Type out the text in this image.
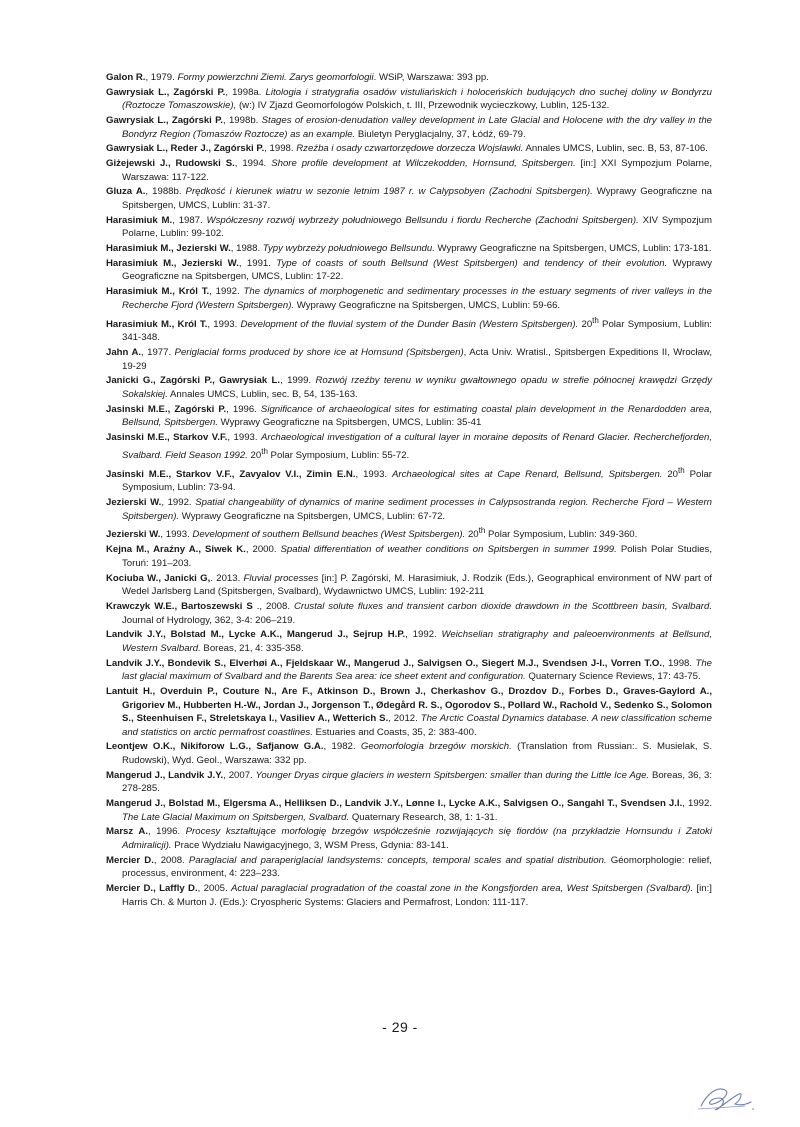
Galon R., 1979. Formy powierzchni Ziemi. Zarys geomorfologii. WSiP, Warszawa: 393 pp.

Gawrysiak L., Zagórski P., 1998a. Litologia i stratygrafia osadów vistuliańskich i holoceńskich budujących dno suchej doliny w Bondyrzu (Roztocze Tomaszowskie), (w:) IV Zjazd Geomorfologów Polskich, t. III, Przewodnik wycieczkowy, Lublin, 125-132.

Gawrysiak L., Zagórski P., 1998b. Stages of erosion-denudation valley development in Late Glacial and Holocene with the dry valley in the Bondyrz Region (Tomaszów Roztocze) as an example. Biuletyn Peryglacjalny, 37, Łódź, 69-79.

Gawrysiak L., Reder J., Zagórski P., 1998. Rzeźba i osady czwartorzędowe dorzecza Wojsławki. Annales UMCS, Lublin, sec. B, 53, 87-106.

Giżejewski J., Rudowski S., 1994. Shore profile development at Wilczekodden, Hornsund, Spitsbergen. [in:] XXI Sympozjum Polarne, Warszawa: 117-122.

Gluza A., 1988b. Prędkość i kierunek wiatru w sezonie letnim 1987 r. w Calypsobyen (Zachodni Spitsbergen). Wyprawy Geograficzne na Spitsbergen, UMCS, Lublin: 31-37.

Harasimiuk M., 1987. Współczesny rozwój wybrzeży południowego Bellsundu i fiordu Recherche (Zachodni Spitsbergen). XIV Sympozjum Polarne, Lublin: 99-102.

Harasimiuk M., Jezierski W., 1988. Typy wybrzeży południowego Bellsundu. Wyprawy Geograficzne na Spitsbergen, UMCS, Lublin: 173-181.

Harasimiuk M., Jezierski W., 1991. Type of coasts of south Bellsund (West Spitsbergen) and tendency of their evolution. Wyprawy Geograficzne na Spitsbergen, UMCS, Lublin: 17-22.

Harasimiuk M., Król T., 1992. The dynamics of morphogenetic and sedimentary processes in the estuary segments of river valleys in the Recherche Fjord (Western Spitsbergen). Wyprawy Geograficzne na Spitsbergen, UMCS, Lublin: 59-66.

Harasimiuk M., Król T., 1993. Development of the fluvial system of the Dunder Basin (Western Spitsbergen). 20th Polar Symposium, Lublin: 341-348.

Jahn A., 1977. Periglacial forms produced by shore ice at Hornsund (Spitsbergen), Acta Univ. Wratisl., Spitsbergen Expeditions II, Wrocław, 19-29

Janicki G., Zagórski P., Gawrysiak L., 1999. Rozwój rzeźby terenu w wyniku gwałtownego opadu w strefie północnej krawędzi Grzędy Sokalskiej. Annales UMCS, Lublin, sec. B, 54, 135-163.

Jasinski M.E., Zagórski P., 1996. Significance of archaeological sites for estimating coastal plain development in the Renardodden area, Bellsund, Spitsbergen. Wyprawy Geograficzne na Spitsbergen, UMCS, Lublin: 35-41

Jasinski M.E., Starkov V.F., 1993. Archaeological investigation of a cultural layer in moraine deposits of Renard Glacier. Recherchefjorden, Svalbard. Field Season 1992. 20th Polar Symposium, Lublin: 55-72.

Jasinski M.E., Starkov V.F., Zavyalov V.I., Zimin E.N., 1993. Archaeological sites at Cape Renard, Bellsund, Spitsbergen. 20th Polar Symposium, Lublin: 73-94.

Jezierski W., 1992. Spatial changeability of dynamics of marine sediment processes in Calypsostranda region. Recherche Fjord – Western Spitsbergen). Wyprawy Geograficzne na Spitsbergen, UMCS, Lublin: 67-72.

Jezierski W., 1993. Development of southern Bellsund beaches (West Spitsbergen). 20th Polar Symposium, Lublin: 349-360.

Kejna M., Araźny A., Siwek K., 2000. Spatial differentiation of weather conditions on Spitsbergen in summer 1999. Polish Polar Studies, Toruń: 191–203.

Kociuba W., Janicki G,. 2013. Fluvial processes [in:] P. Zagórski, M. Harasimiuk, J. Rodzik (Eds.), Geographical environment of NW part of Wedel Jarlsberg Land (Spitsbergen, Svalbard), Wydawnictwo UMCS, Lublin: 192-211

Krawczyk W.E., Bartoszewski S ., 2008. Crustal solute fluxes and transient carbon dioxide drawdown in the Scottbreen basin, Svalbard. Journal of Hydrology, 362, 3-4: 206–219.

Landvik J.Y., Bolstad M., Lycke A.K., Mangerud J., Sejrup H.P., 1992. Weichselian stratigraphy and paleoenvironments at Bellsund, Western Svalbard. Boreas, 21, 4: 335-358.

Landvik J.Y., Bondevik S., Elverhøi A., Fjeldskaar W., Mangerud J., Salvigsen O., Siegert M.J., Svendsen J-I., Vorren T.O., 1998. The last glacial maximum of Svalbard and the Barents Sea area: ice sheet extent and configuration. Quaternary Science Reviews, 17: 43-75.

Lantuit H., Overduin P., Couture N., Are F., Atkinson D., Brown J., Cherkashov G., Drozdov D., Forbes D., Graves-Gaylord A., Grigoriev M., Hubberten H.-W., Jordan J., Jorgenson T., Ødegård R. S., Ogorodov S., Pollard W., Rachold V., Sedenko S., Solomon S., Steenhuisen F., Streletskaya I., Vasiliev A., Wetterich S., 2012. The Arctic Coastal Dynamics database. A new classification scheme and statistics on arctic permafrost coastlines. Estuaries and Coasts, 35, 2: 383-400.

Leontjew O.K., Nikiforow L.G., Safjanow G.A., 1982. Geomorfologia brzegów morskich. (Translation from Russian:. S. Musielak, S. Rudowski), Wyd. Geol., Warszawa: 332 pp.

Mangerud J., Landvik J.Y., 2007. Younger Dryas cirque glaciers in western Spitsbergen: smaller than during the Little Ice Age. Boreas, 36, 3: 278-285.

Mangerud J., Bolstad M., Elgersma A., Helliksen D., Landvik J.Y., Lønne I., Lycke A.K., Salvigsen O., Sangahl T., Svendsen J.I., 1992. The Late Glacial Maximum on Spitsbergen, Svalbard. Quaternary Research, 38, 1: 1-31.

Marsz A., 1996. Procesy kształtujące morfologię brzegów współcześnie rozwijających się fiordów (na przykładzie Hornsundu i Zatoki Admiralicji). Prace Wydziału Nawigacyjnego, 3, WSM Press, Gdynia: 83-141.

Mercier D., 2008. Paraglacial and paraperiglacial landsystems: concepts, temporal scales and spatial distribution. Géomorphologie: relief, processus, environment, 4: 223–233.

Mercier D., Laffly D., 2005. Actual paraglacial progradation of the coastal zone in the Kongsfjorden area, West Spitsbergen (Svalbard). [in:] Harris Ch. & Murton J. (Eds.): Cryospheric Systems: Glaciers and Permafrost, London: 111-117.

- 29 -
